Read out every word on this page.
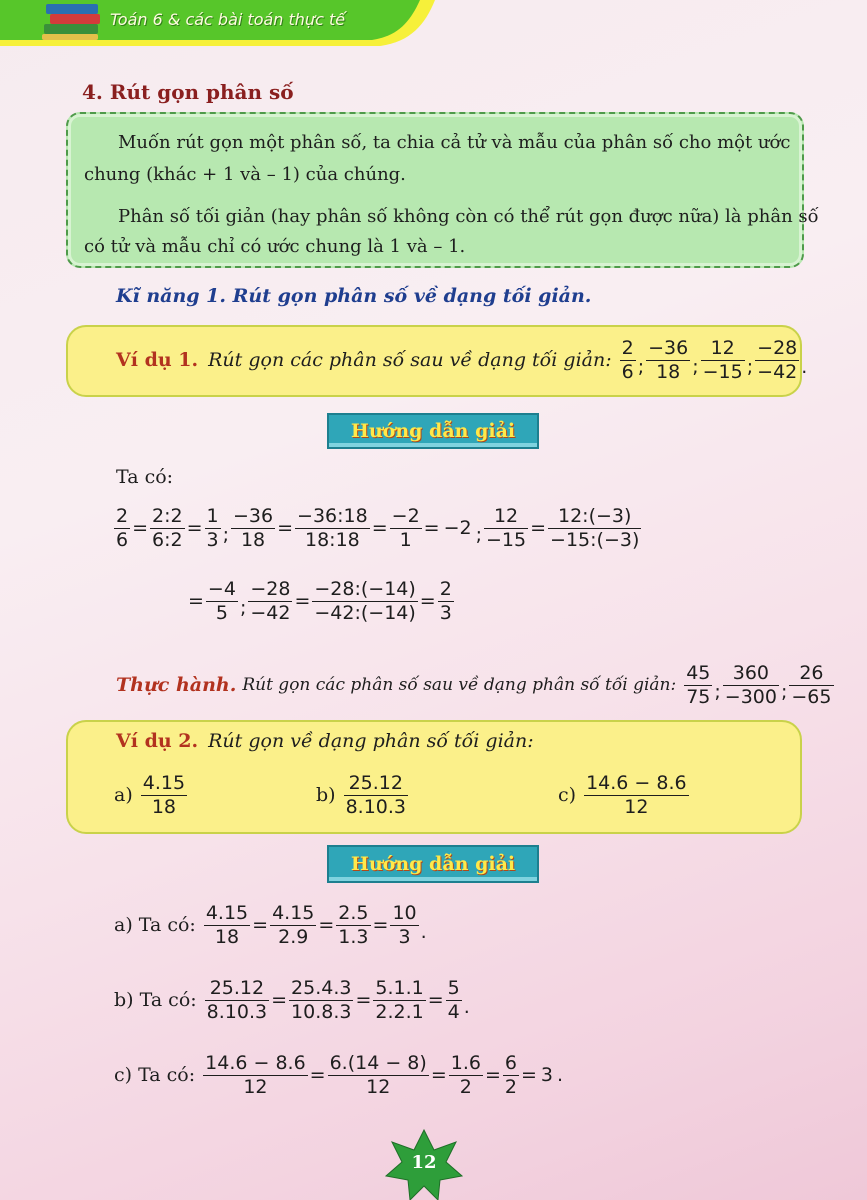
Toán 6 & các bài toán thực tế
4. Rút gọn phân số
Muốn rút gọn một phân số, ta chia cả tử và mẫu của phân số cho một ước
chung (khác + 1 và – 1) của chúng.
Phân số tối giản (hay phân số không còn có thể rút gọn được nữa) là phân số
có tử và mẫu chỉ có ước chung là 1 và – 1.
Kĩ năng 1. Rút gọn phân số về dạng tối giản.
Ví dụ 1. Rút gọn các phân số sau về dạng tối giản: $\frac{2}{6}$ ; $\frac{-36}{18}$ ; $\frac{12}{-15}$ ; $\frac{-28}{-42}$ .
Hướng dẫn giải
Ta có:
$\frac{2}{6} = \frac{2:2}{6:2} = \frac{1}{3}$ ; $\frac{-36}{18} = \frac{-36:18}{18:18} = \frac{-2}{1} = -2$ ; $\frac{12}{-15} = \frac{12:(-3)}{-15:(-3)}$
= $\frac{-4}{5}$ ; $\frac{-28}{-42} = \frac{-28:(-14)}{-42:(-14)} = \frac{2}{3}$
Thực hành. Rút gọn các phân số sau về dạng phân số tối giản: $\frac{45}{75}$ ; $\frac{360}{-300}$ ; $\frac{26}{-65}$
Ví dụ 2. Rút gọn về dạng phân số tối giản:
$a) \frac{4.15}{18}$	$b) \frac{25.12}{8.10.3}$	$c) \frac{14.6 - 8.6}{12}$
Hướng dẫn giải
a) Ta có: $\frac{4.15}{18} = \frac{4.15}{2.9} = \frac{2.5}{1.3} = \frac{10}{3}$ .
b) Ta có: $\frac{25.12}{8.10.3} = \frac{25.4.3}{10.8.3} = \frac{5.1.1}{2.2.1} = \frac{5}{4}$ .
c) Ta có: $\frac{14.6 - 8.6}{12} = \frac{6.(14 - 8)}{12} = \frac{1.6}{2} = \frac{6}{2} = 3$ .
12
